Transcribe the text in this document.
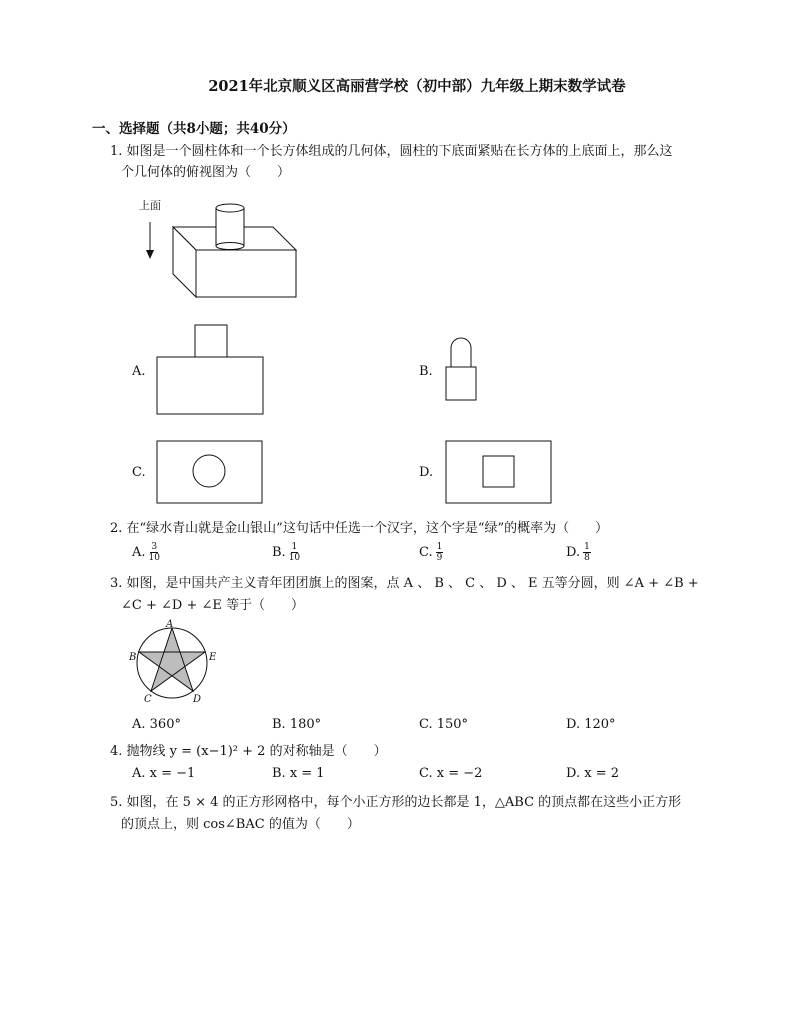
2021年北京顺义区高丽营学校（初中部）九年级上期末数学试卷
一、选择题（共8小题；共40分）
1. 如图是一个圆柱体和一个长方体组成的几何体，圆柱的下底面紧贴在长方体的上底面上，那么这
个几何体的俯视图为（　　）
上面
A.	B.
C.	D.
2. 在“绿水青山就是金山银山”这句话中任选一个汉字，这个字是“绿”的概率为（　　）
A. $\frac{3}{10}$	B. $\frac{1}{10}$	C. $\frac{1}{9}$	D. $\frac{1}{8}$
3. 如图，是中国共产主义青年团团旗上的图案，点 A 、 B 、 C 、 D 、 E 五等分圆，则 ∠A + ∠B +
∠C + ∠D + ∠E 等于（　　）
A
B
C	D
E
A. 360°	B. 180°	C. 150°	D. 120°
4. 抛物线 y = (x−1)² + 2 的对称轴是（　　）
A. x = −1	B. x = 1	C. x = −2	D. x = 2
5. 如图，在 5 × 4 的正方形网格中，每个小正方形的边长都是 1，△ABC 的顶点都在这些小正方形
的顶点上，则 cos∠BAC 的值为（　　）
